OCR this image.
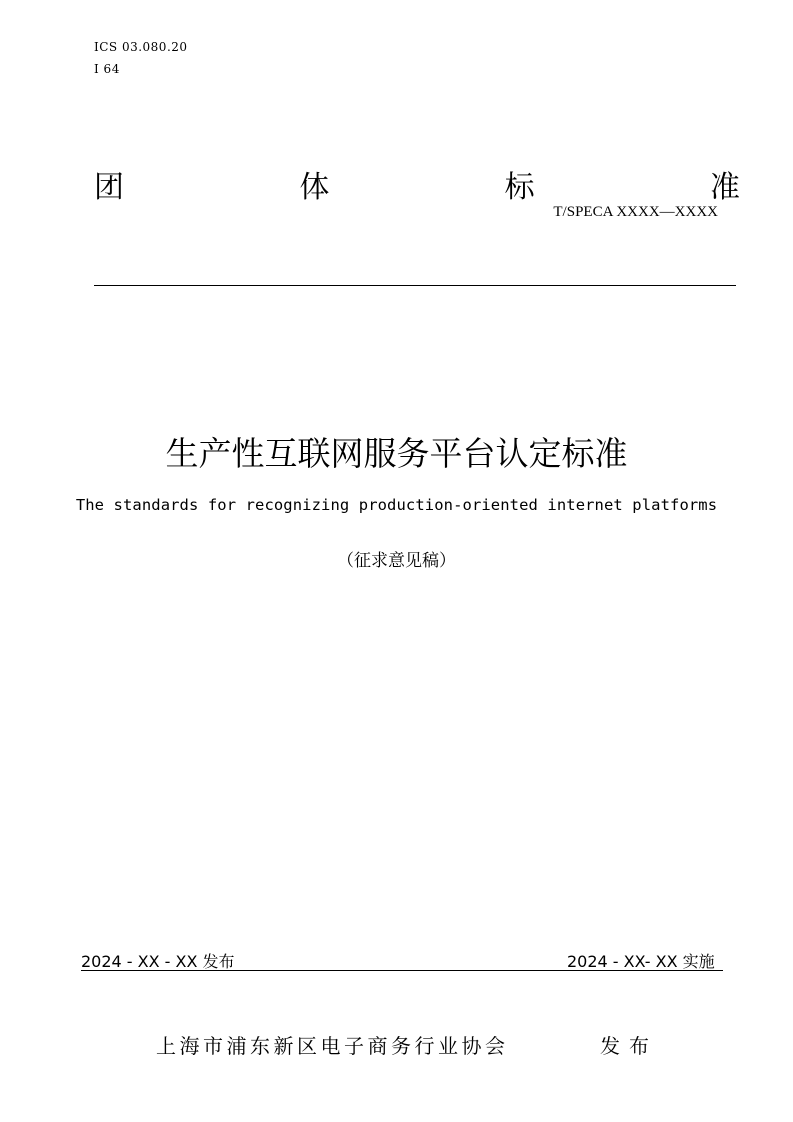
ICS 03.080.20
I 64
团	体	标	准
T/SPECA XXXX—XXXX
生产性互联网服务平台认定标准
The standards for recognizing production-oriented internet platforms
（征求意见稿）
2024 - XX - XX 发布	2024 - XX- XX 实施
上海市浦东新区电子商务行业协会	发布
